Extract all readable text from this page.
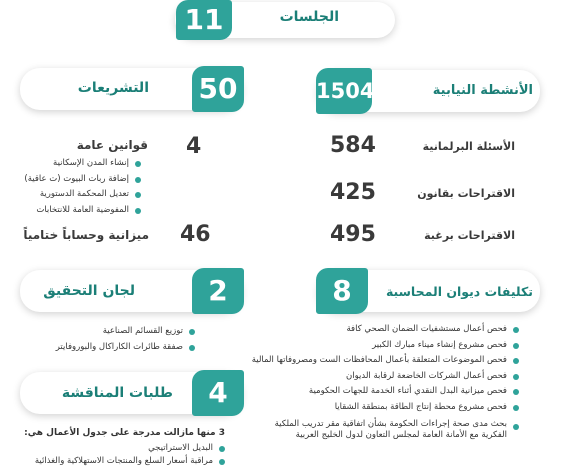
11	الجلسات
50
التشريعات
قوانين عامة 4
إنشاء المدن الإسكانية
إضافة ربات البيوت (ت عاقية)
تعديل المحكمة الدستورية
المفوضية العامة للانتخابات
ميزانية وحساباً ختامياً 46
1504	الأنشطة النيابية
الأسئلة البرلمانية
584
الاقتراحات بقانون
425
الاقتراحات برغبة
495
2
لجان التحقيق
توزيع القسائم الصناعية
صفقة طائرات الكاراكال والبوروفايتر
8	تكليفات ديوان المحاسبة
فحص أعمال مستشفيات الضمان الصحي كافة
فحص مشروع إنشاء ميناء مبارك الكبير
فحص الموضوعات المتعلقة بأعمال المحافظات الست ومصروفاتها المالية
فحص أعمال الشركات الخاضعة لرقابة الديوان
فحص ميزانية البدل النقدي أثناء الخدمة للجهات الحكومية
فحص مشروع محطة إنتاج الطاقة بمنطقة الشقايا
بحث مدى صحة إجراءات الحكومة بشأن اتفاقية مقر تدريب الملكية
الفكرية مع الأمانة العامة لمجلس التعاون لدول الخليج العربية
4
طلبات المناقشة
3 منها مازالت مدرجة على جدول الأعمال هي:
البديل الاستراتيجي
مراقبة أسعار السلع والمنتجات الاستهلاكية والغذائية
